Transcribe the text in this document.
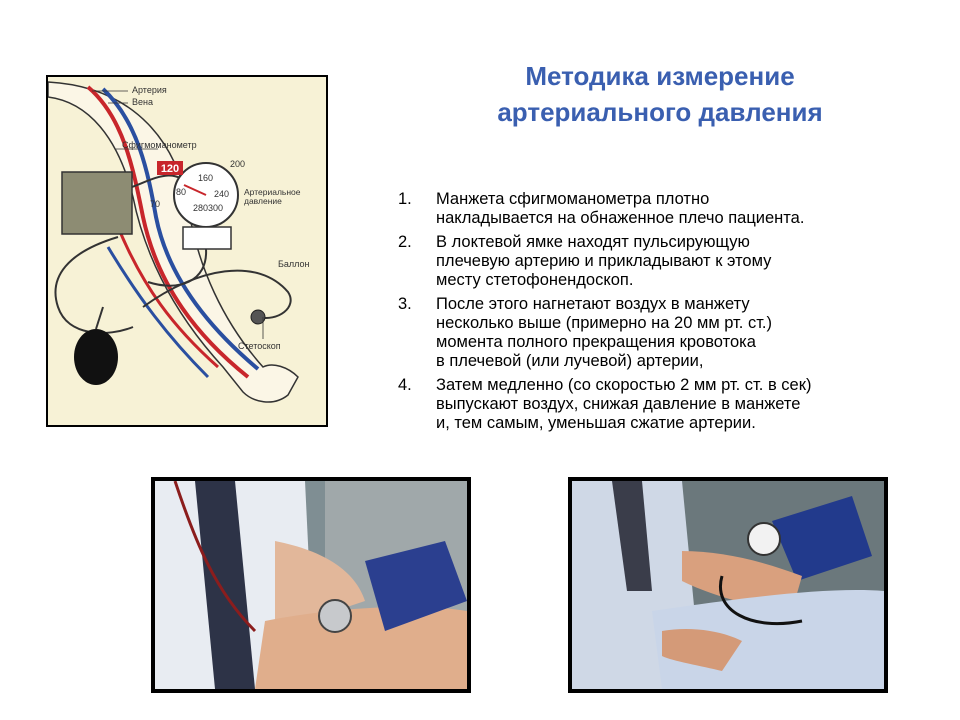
Методика измерение
артериального давления
1.	Манжета сфигмоманометра плотно
накладывается на обнаженное плечо пациента.
2.	В локтевой ямке находят пульсирующую
плечевую артерию и прикладывают к этому
месту стетофонендоскоп.
3.	После этого нагнетают воздух в манжету
несколько выше (примерно на 20 мм рт. ст.)
момента полного прекращения кровотока
в плечевой (или лучевой) артерии,
4.	Затем медленно (со скоростью 2 мм рт. ст. в сек)
выпускают воздух, снижая давление в манжете
и, тем самым, уменьшая сжатие артерии.
120	200
160
80	240
70	280 300
Артерия
Вена
Сфигмоманометр
Артериальное
давление
Баллон
Стетоскоп
